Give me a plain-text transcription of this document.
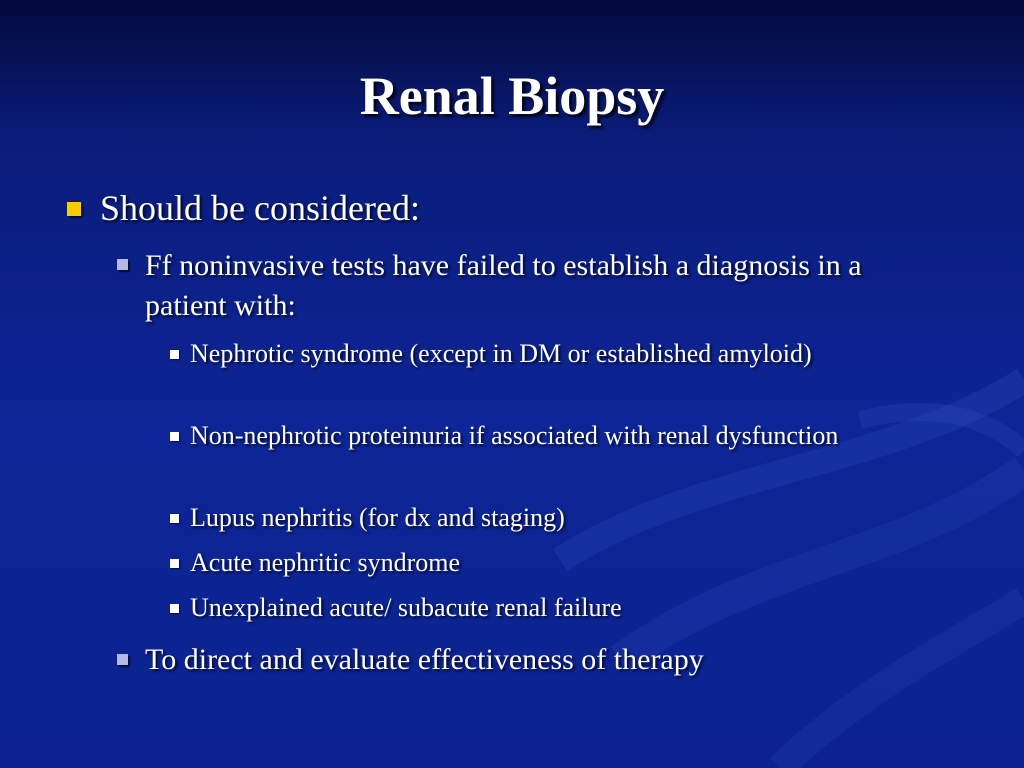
Renal Biopsy
Should be considered:
Ff noninvasive tests have failed to establish a diagnosis in a patient with:
Nephrotic syndrome (except in DM or established amyloid)
Non-nephrotic proteinuria if associated with renal dysfunction
Lupus nephritis (for dx and staging)
Acute nephritic syndrome
Unexplained acute/ subacute renal failure
To direct and evaluate effectiveness of therapy
